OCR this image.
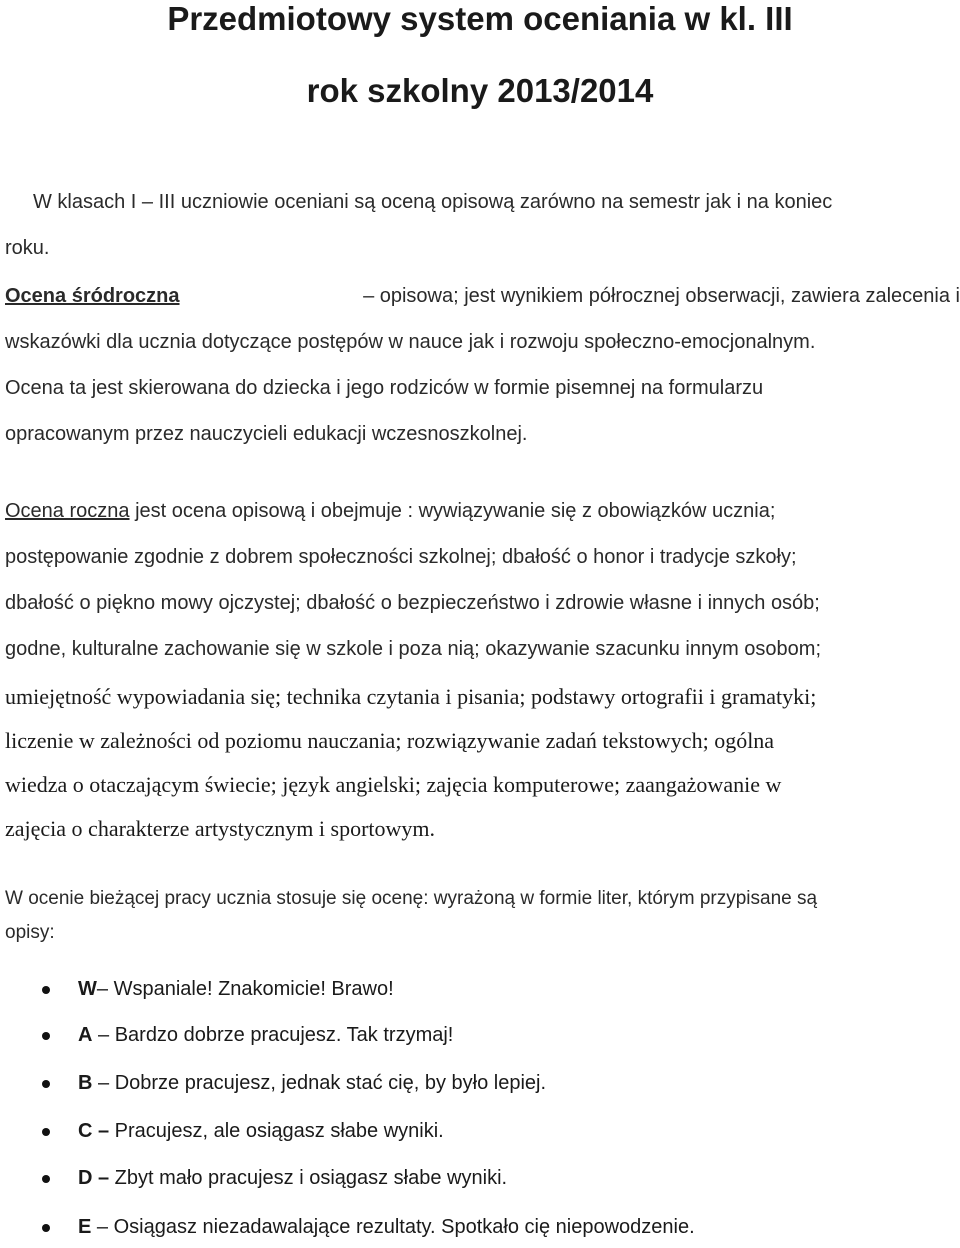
Przedmiotowy system oceniania w kl. III
rok szkolny 2013/2014
W klasach I – III uczniowie oceniani są oceną opisową zarówno na semestr jak i na koniec
roku.
Ocena śródroczna	– opisowa; jest wynikiem półrocznej obserwacji, zawiera zalecenia i
wskazówki dla ucznia dotyczące postępów w nauce jak i rozwoju społeczno-emocjonalnym.
Ocena ta jest skierowana do dziecka i jego rodziców w formie pisemnej na formularzu
opracowanym przez nauczycieli edukacji wczesnoszkolnej.
Ocena roczna jest ocena opisową i obejmuje : wywiązywanie się z obowiązków ucznia;
postępowanie zgodnie z dobrem społeczności szkolnej; dbałość o honor i tradycje szkoły;
dbałość o piękno mowy ojczystej; dbałość o bezpieczeństwo i zdrowie własne i innych osób;
godne, kulturalne zachowanie się w szkole i poza nią; okazywanie szacunku innym osobom;
umiejętność wypowiadania się; technika czytania i pisania; podstawy ortografii i gramatyki;
liczenie w zależności od poziomu nauczania; rozwiązywanie zadań tekstowych; ogólna
wiedza o otaczającym świecie; język angielski; zajęcia komputerowe; zaangażowanie w
zajęcia o charakterze artystycznym i sportowym.
W ocenie bieżącej pracy ucznia stosuje się ocenę: wyrażoną w formie liter, którym przypisane są
opisy:
W– Wspaniale! Znakomicie! Brawo!
A – Bardzo dobrze pracujesz. Tak trzymaj!
B – Dobrze pracujesz, jednak stać cię, by było lepiej.
C – Pracujesz, ale osiągasz słabe wyniki.
D – Zbyt mało pracujesz i osiągasz słabe wyniki.
E – Osiągasz niezadawalające rezultaty. Spotkało cię niepowodzenie.
